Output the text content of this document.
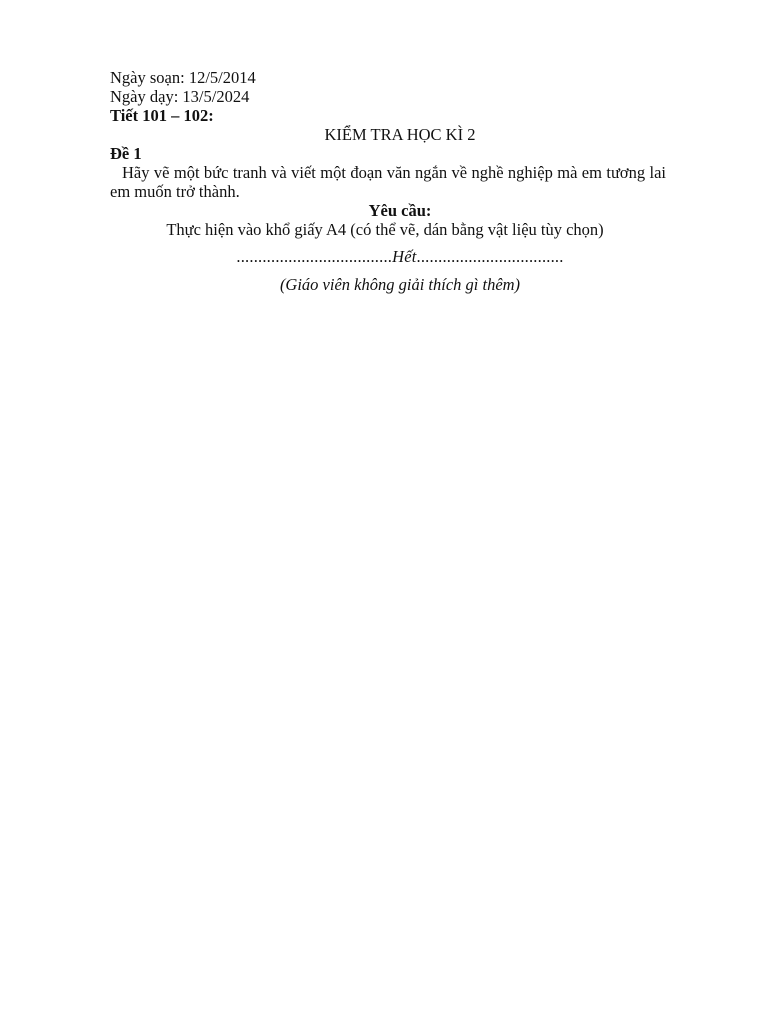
Ngày soạn: 12/5/2014
Ngày dạy: 13/5/2024
Tiết 101 – 102:
KIỂM TRA HỌC KÌ 2
Đề 1
Hãy vẽ một bức tranh và viết một đoạn văn ngắn về nghề nghiệp mà em tương lai em muốn trở thành.
Yêu cầu:
Thực hiện vào khổ giấy A4 (có thể vẽ, dán bằng vật liệu tùy chọn)
....................................Hết..................................
(Giáo viên không giải thích gì thêm)
